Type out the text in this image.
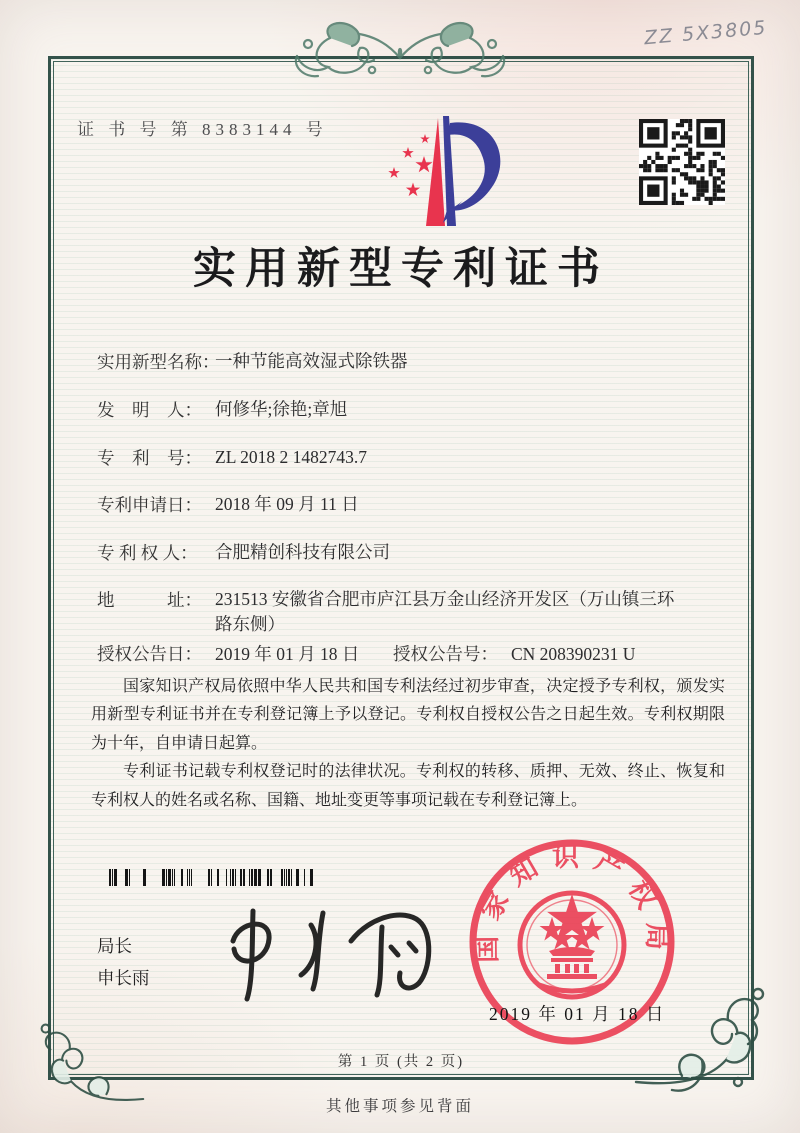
ZZ 5X3805
证 书 号 第 8383144 号
实用新型专利证书
实用新型名称：一种节能高效湿式除铁器
发　明　人： 何修华;徐艳;章旭
专　利　号： ZL 2018 2 1482743.7
专利申请日： 2018 年 09 月 11 日
专 利 权 人： 合肥精创科技有限公司
地　　　址： 231513 安徽省合肥市庐江县万金山经济开发区（万山镇三环路东侧）
授权公告日： 2019 年 01 月 18 日 授权公告号： CN 208390231 U

国家知识产权局依照中华人民共和国专利法经过初步审查，决定授予专利权，颁发实用新型专利证书并在专利登记簿上予以登记。专利权自授权公告之日起生效。专利权期限为十年，自申请日起算。

专利证书记载专利权登记时的法律状况。专利权的转移、质押、无效、终止、恢复和专利权人的姓名或名称、国籍、地址变更等事项记载在专利登记簿上。

局长
申长雨
国家知识产权局
2019 年 01 月 18 日
第 1 页 (共 2 页)
其他事项参见背面
